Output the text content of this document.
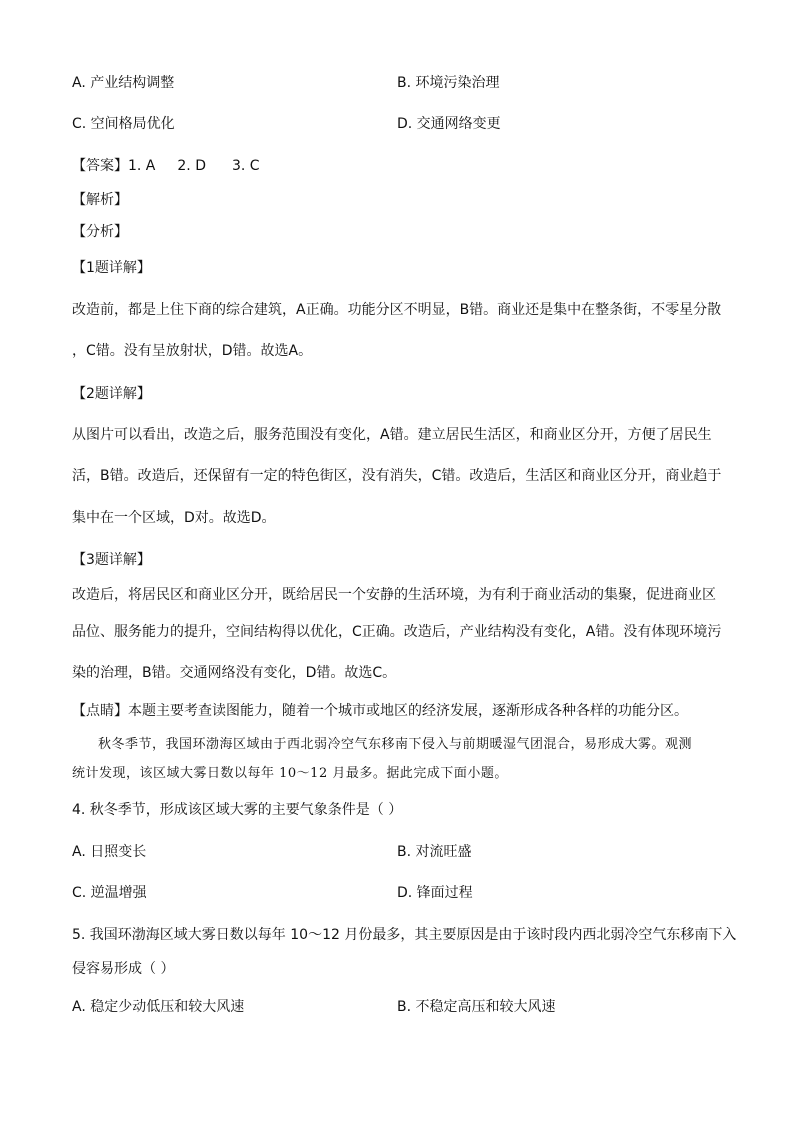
A. 产业结构调整	B. 环境污染治理
C. 空间格局优化	D. 交通网络变更
【答案】1. A 2. D 3. C
【解析】
【分析】
【1题详解】
改造前，都是上住下商的综合建筑，A正确。功能分区不明显，B错。商业还是集中在整条街，不零星分散
，C错。没有呈放射状，D错。故选A。
【2题详解】
从图片可以看出，改造之后，服务范围没有变化，A错。建立居民生活区，和商业区分开，方便了居民生
活，B错。改造后，还保留有一定的特色街区，没有消失，C错。改造后，生活区和商业区分开，商业趋于
集中在一个区域，D对。故选D。
【3题详解】
改造后，将居民区和商业区分开，既给居民一个安静的生活环境，为有利于商业活动的集聚，促进商业区
品位、服务能力的提升，空间结构得以优化，C正确。改造后，产业结构没有变化，A错。没有体现环境污
染的治理，B错。交通网络没有变化，D错。故选C。
【点睛】本题主要考查读图能力，随着一个城市或地区的经济发展，逐渐形成各种各样的功能分区。
秋冬季节，我国环渤海区域由于西北弱冷空气东移南下侵入与前期暖湿气团混合，易形成大雾。观测
统计发现，该区域大雾日数以每年 10～12 月最多。据此完成下面小题。
4. 秋冬季节，形成该区域大雾的主要气象条件是（ ）
A. 日照变长	B. 对流旺盛
C. 逆温增强	D. 锋面过程
5. 我国环渤海区域大雾日数以每年 10～12 月份最多，其主要原因是由于该时段内西北弱冷空气东移南下入
侵容易形成（ ）
A. 稳定少动低压和较大风速	B. 不稳定高压和较大风速
